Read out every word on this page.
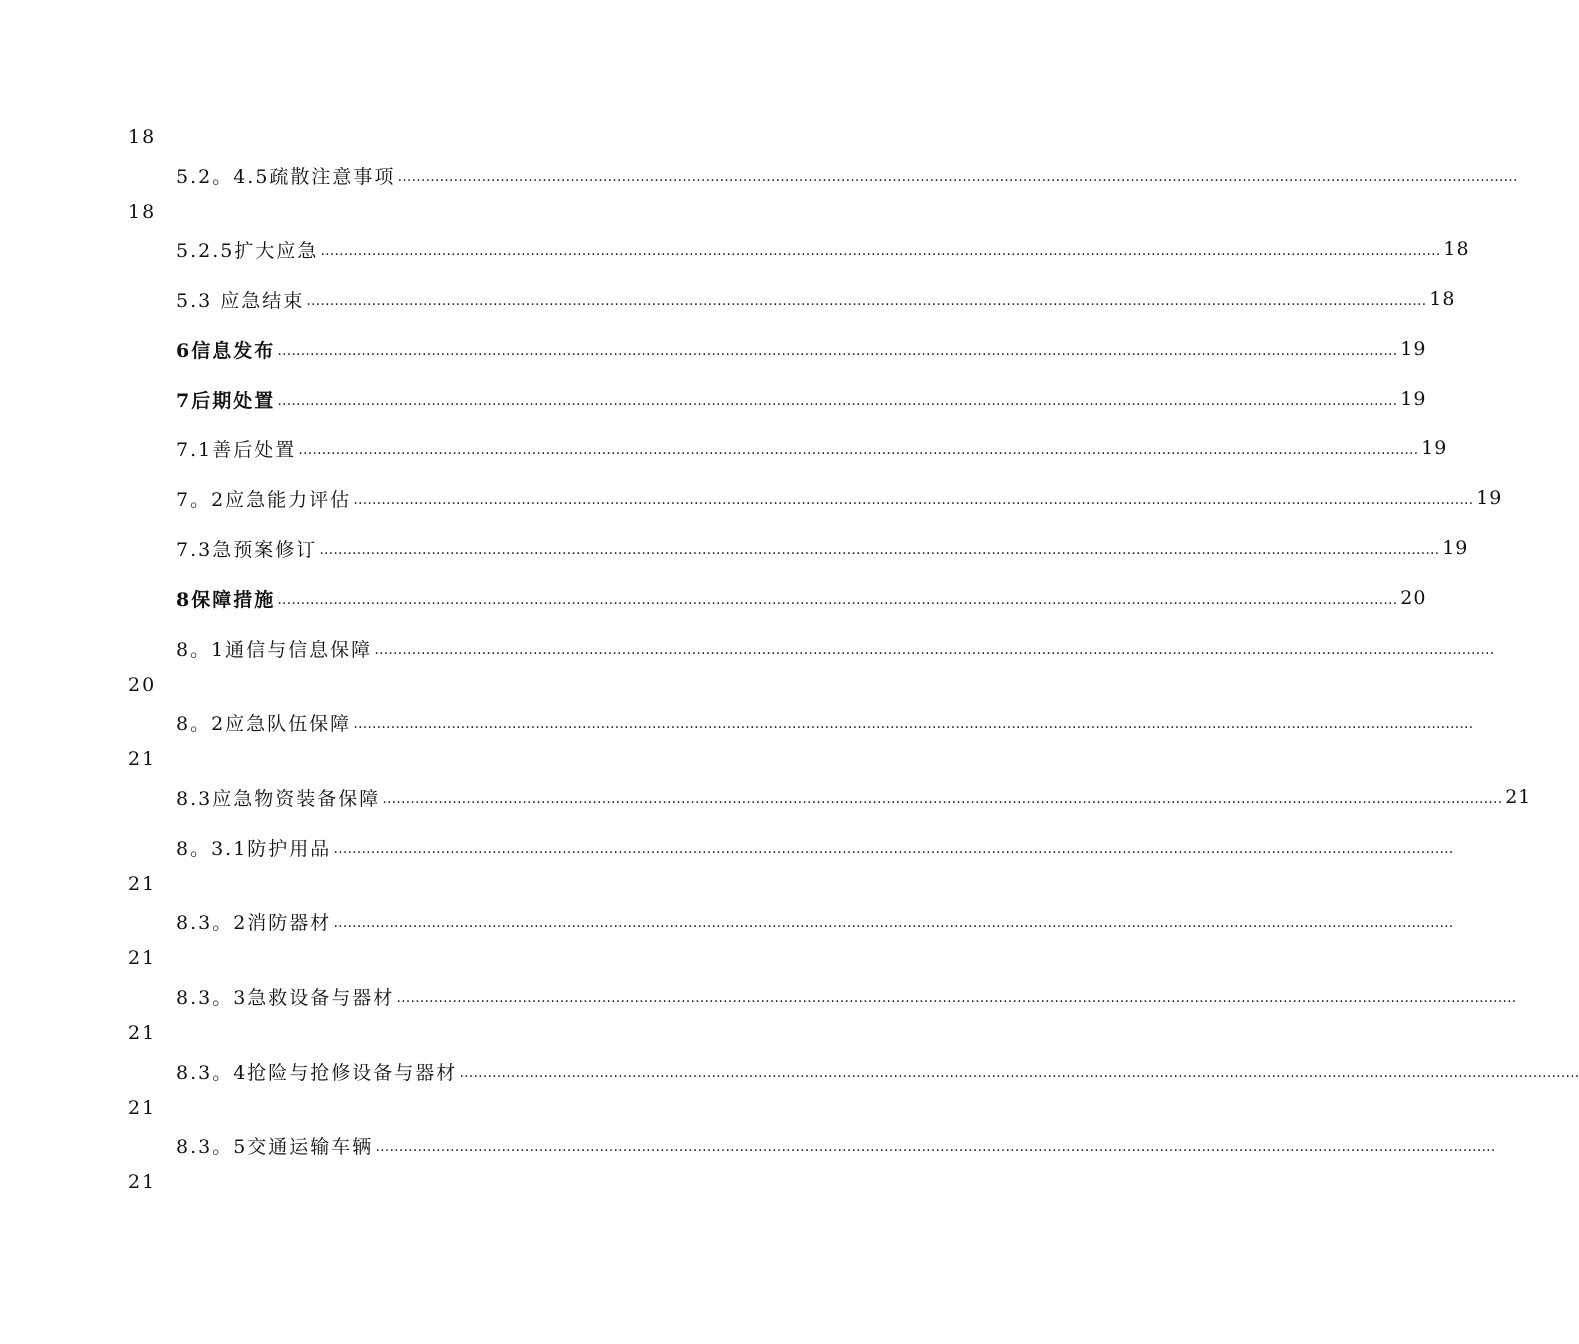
18
5.2。4.5疏散注意事项 ……………………………………………………………………………………………………………………………………………………………………………………………………………………
18
5.2.5扩大应急 …………………………………………………………………………………………………………………………………………………………………………………………………………………… 18
5.3 应急结束 …………………………………………………………………………………………………………………………………………………………………………………………………………………… 18
6信息发布 …………………………………………………………………………………………………………………………………………………………………………………………………………………… 19
7后期处置 …………………………………………………………………………………………………………………………………………………………………………………………………………………… 19
7.1善后处置 …………………………………………………………………………………………………………………………………………………………………………………………………………………… 19
7。2应急能力评估 …………………………………………………………………………………………………………………………………………………………………………………………………………………… 19
7.3急预案修订 …………………………………………………………………………………………………………………………………………………………………………………………………………………… 19
8保障措施 …………………………………………………………………………………………………………………………………………………………………………………………………………………… 20
8。1通信与信息保障 ……………………………………………………………………………………………………………………………………………………………………………………………………………………
20
8。2应急队伍保障 ……………………………………………………………………………………………………………………………………………………………………………………………………………………
21
8.3应急物资装备保障 …………………………………………………………………………………………………………………………………………………………………………………………………………………… 21
8。3.1防护用品 ……………………………………………………………………………………………………………………………………………………………………………………………………………………
21
8.3。2消防器材 ……………………………………………………………………………………………………………………………………………………………………………………………………………………
21
8.3。3急救设备与器材 ……………………………………………………………………………………………………………………………………………………………………………………………………………………
21
8.3。4抢险与抢修设备与器材 ……………………………………………………………………………………………………………………………………………………………………………………………………………………
21
8.3。5交通运输车辆 ……………………………………………………………………………………………………………………………………………………………………………………………………………………
21
